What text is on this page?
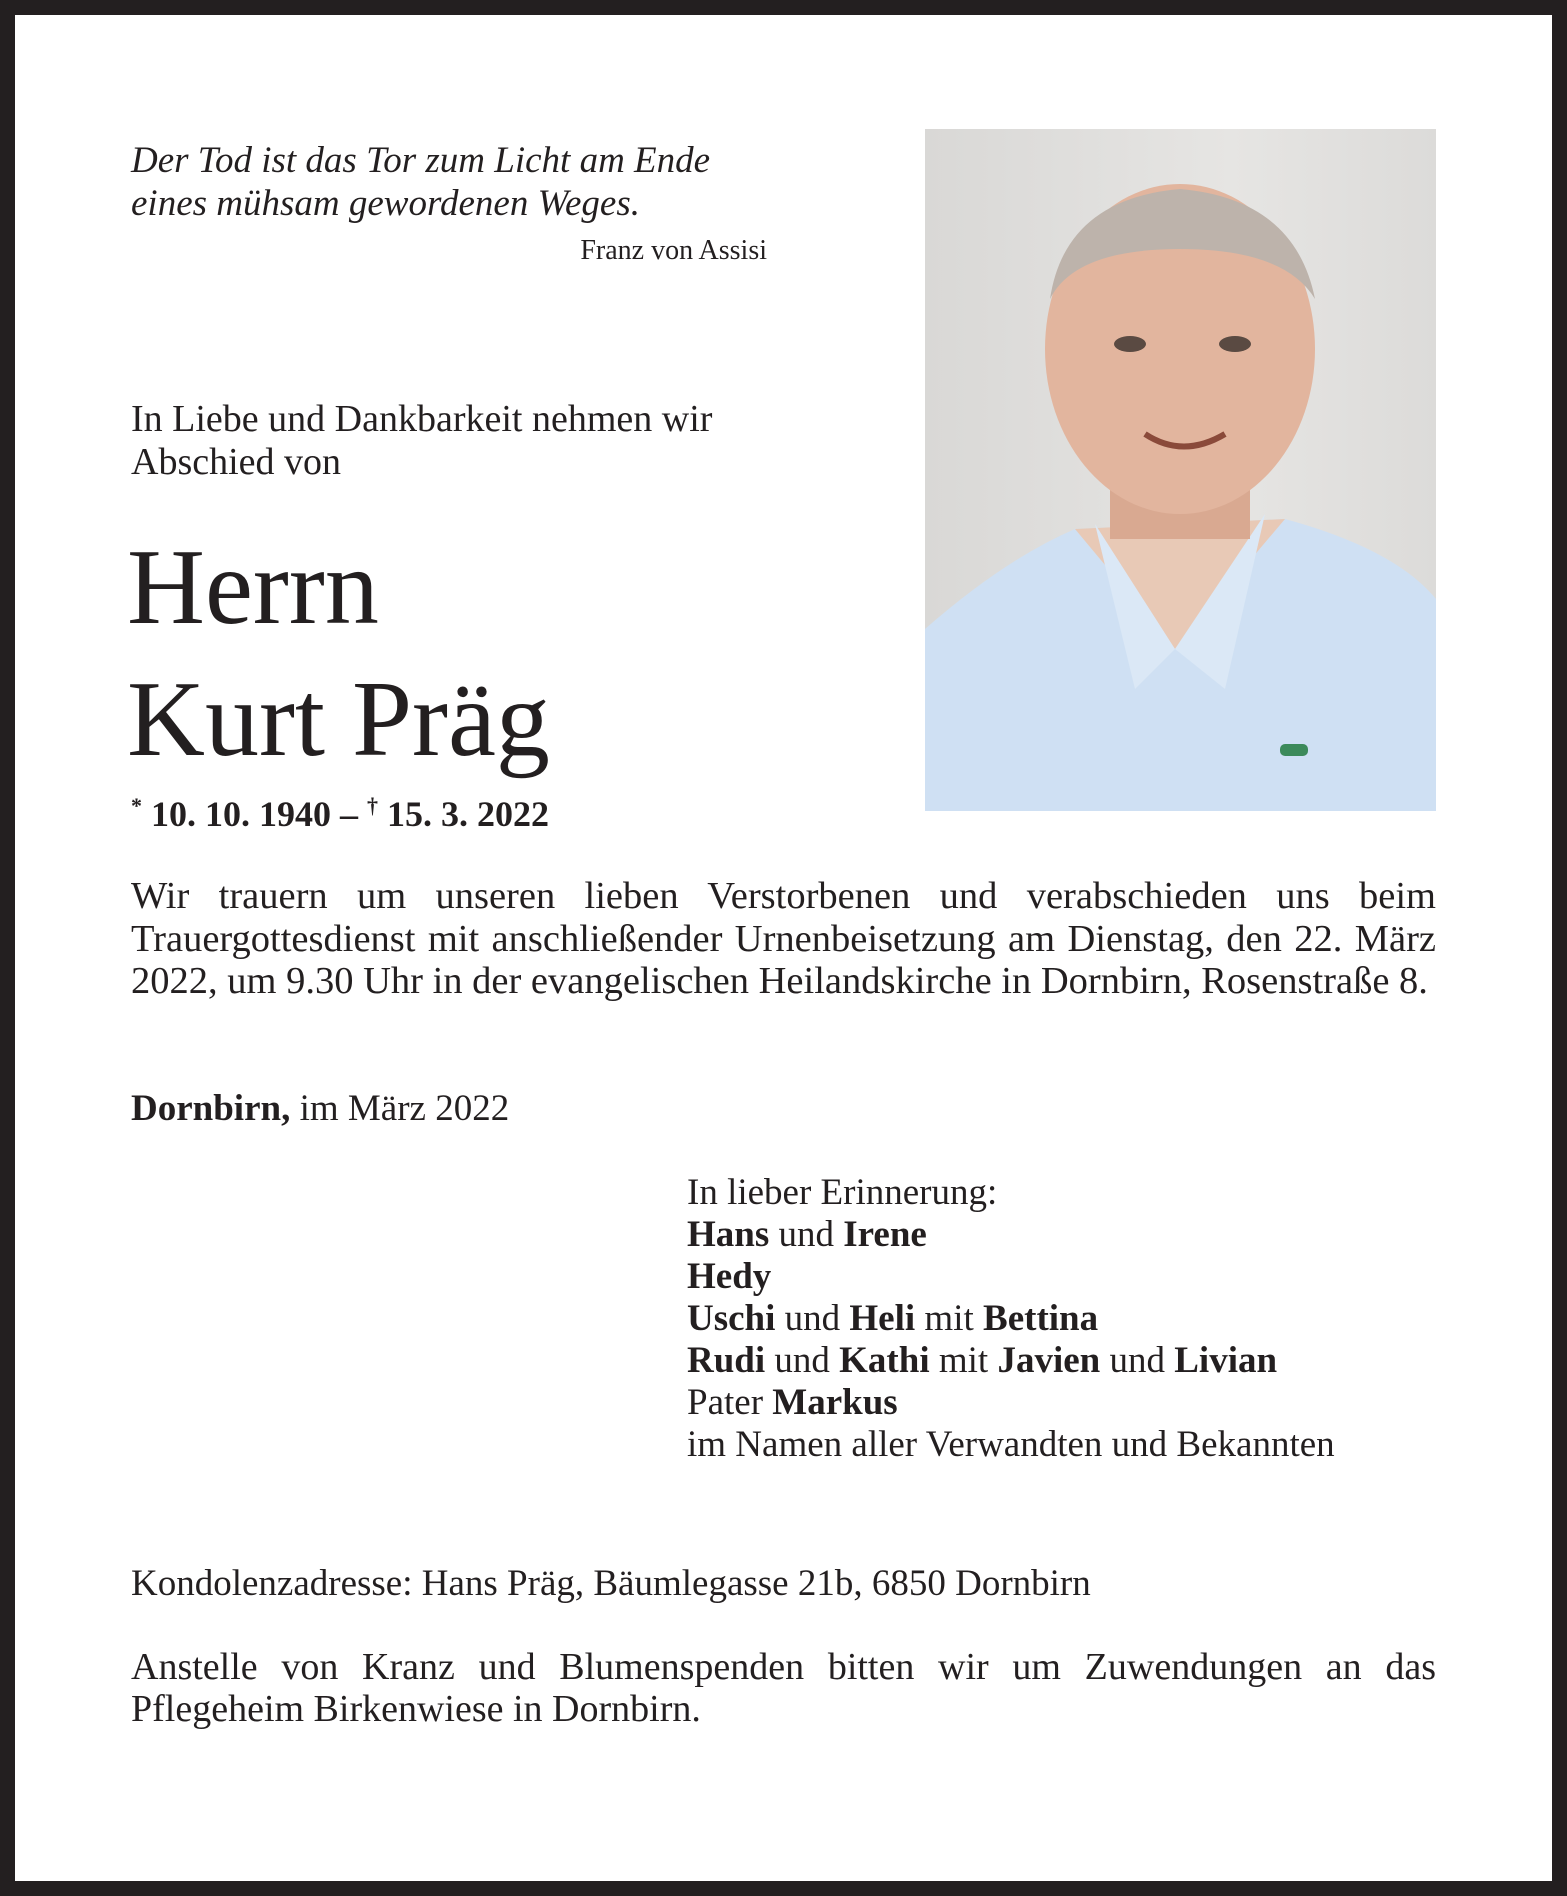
Der Tod ist das Tor zum Licht am Ende
eines mühsam gewordenen Weges.
Franz von Assisi
In Liebe und Dankbarkeit nehmen wir
Abschied von
Herrn
Kurt Präg
* 10. 10. 1940 – † 15. 3. 2022
Wir trauern um unseren lieben Verstorbenen und verabschieden uns beim Trauergottesdienst mit anschließender Urnenbeisetzung am Dienstag, den 22. März 2022, um 9.30 Uhr in der evangelischen Heilandskirche in Dornbirn, Rosenstraße 8.
Dornbirn, im März 2022
In lieber Erinnerung:
Hans und Irene
Hedy
Uschi und Heli mit Bettina
Rudi und Kathi mit Javien und Livian
Pater Markus
im Namen aller Verwandten und Bekannten
Kondolenzadresse: Hans Präg, Bäumlegasse 21b, 6850 Dornbirn
Anstelle von Kranz und Blumenspenden bitten wir um Zuwendungen an das Pflegeheim Birkenwiese in Dornbirn.
